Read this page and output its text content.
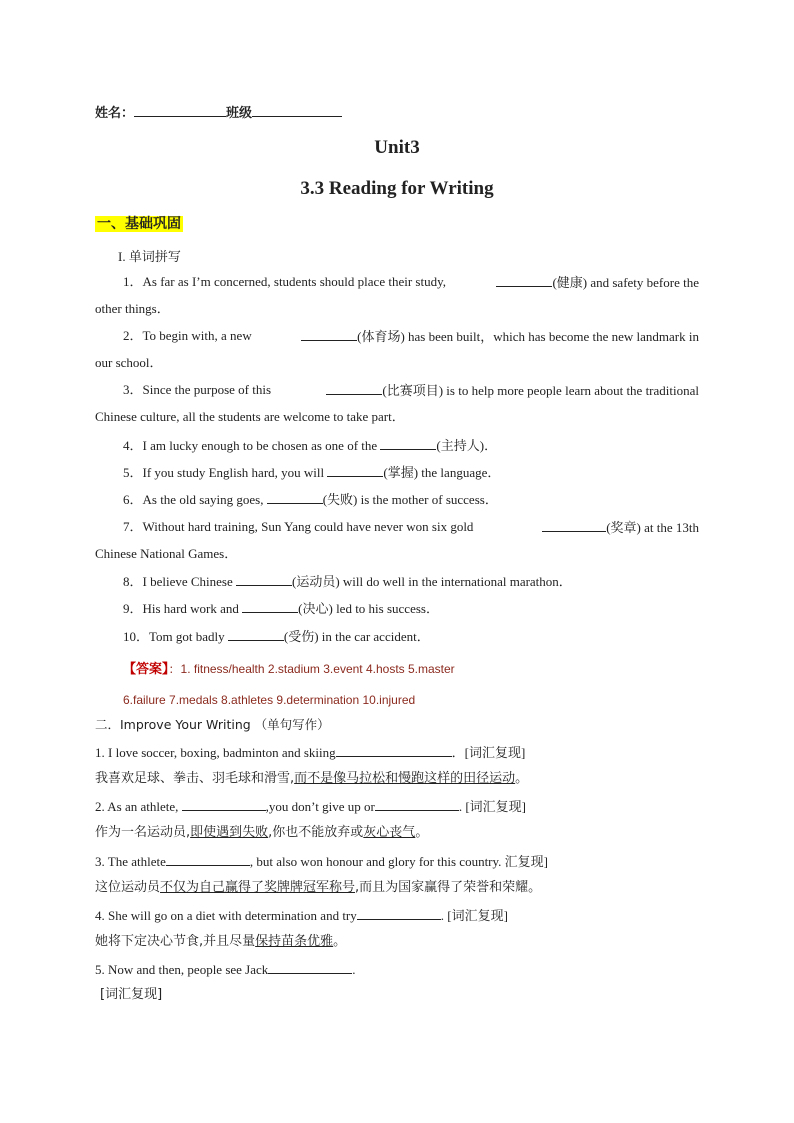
姓名：	班级
Unit3
3.3 Reading for Writing
一、基础巩固
I. 单词拼写
1．As far as I’m concerned, students should place their study,	(健康) and safety before the
other things．
2．To begin with, a new	(体育场) has been built，which has become the new landmark in
our school．
3．Since the purpose of this	(比赛项目) is to help more people learn about the traditional
Chinese culture, all the students are welcome to take part．
4．I am lucky enough to be chosen as one of the	(主持人)．
5．If you study English hard, you will	(掌握) the language．
6．As the old saying goes,	(失败) is the mother of success．
7．Without hard training, Sun Yang could have never won six gold	(奖章) at the 13th
Chinese National Games．
8．I believe Chinese	(运动员) will do well in the international marathon．
9．His hard work and	(决心) led to his success．
10．Tom got badly	(受伤) in the car accident．
【答案】：1. fitness/health 2.stadium 3.event 4.hosts 5.master
6.failure 7.medals 8.athletes 9.determination 10.injured
二．Improve Your Writing （单句写作）
1. I love soccer, boxing, badminton and skiing	．[词汇复现]
我喜欢足球、拳击、羽毛球和滑雪,而不是像马拉松和慢跑这样的田径运动。
2. As an athlete,	,you don’t give up or	. [词汇复现]
作为一名运动员,即使遇到失败,你也不能放弃或灰心丧气。
3. The athlete	, but also won honour and glory for this country. 汇复现]
这位运动员不仅为自己赢得了奖牌牌冠军称号,而且为国家赢得了荣誉和荣耀。
4. She will go on a diet with determination and try	. [词汇复现]
她将下定决心节食,并且尽量保持苗条优雅。
5. Now and then, people see Jack	.
[词汇复现]
